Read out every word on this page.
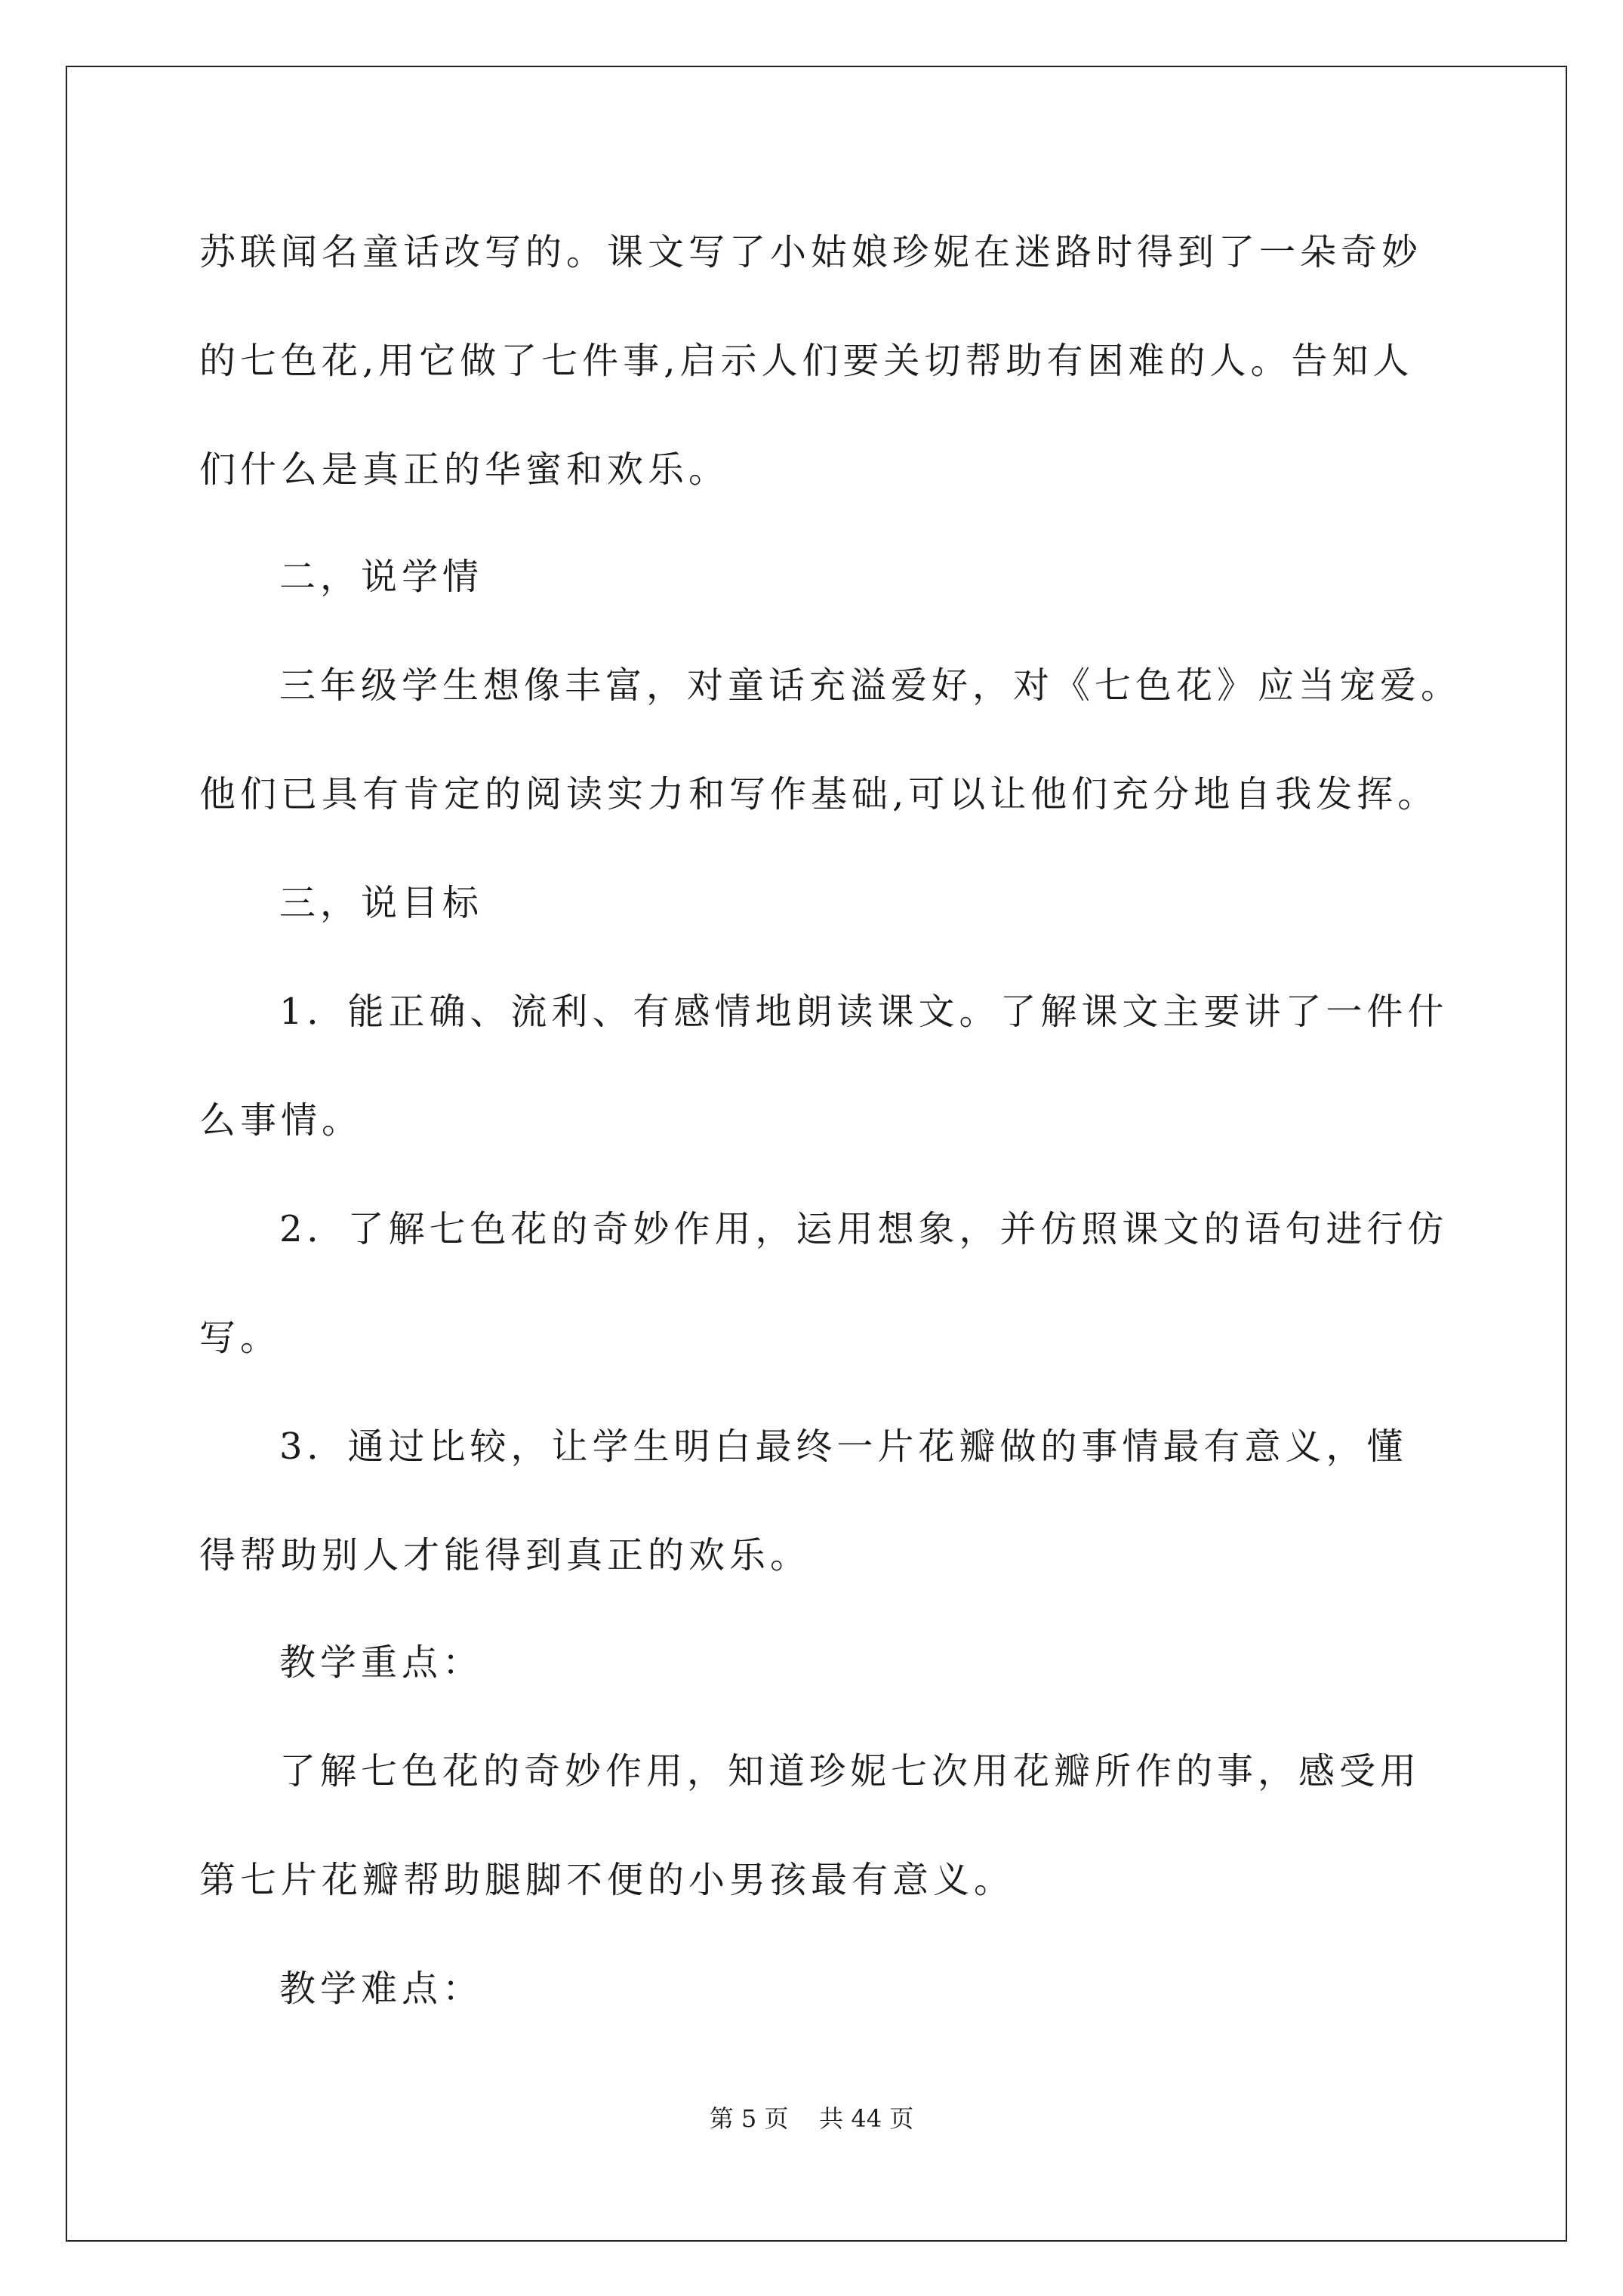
苏联闻名童话改写的。课文写了小姑娘珍妮在迷路时得到了一朵奇妙

的七色花,用它做了七件事,启示人们要关切帮助有困难的人。告知人

们什么是真正的华蜜和欢乐。

二，说学情

三年级学生想像丰富，对童话充溢爱好，对《七色花》应当宠爱。

他们已具有肯定的阅读实力和写作基础,可以让他们充分地自我发挥。

三，说目标

1．能正确、流利、有感情地朗读课文。了解课文主要讲了一件什

么事情。

2．了解七色花的奇妙作用，运用想象，并仿照课文的语句进行仿

写。

3．通过比较，让学生明白最终一片花瓣做的事情最有意义，懂

得帮助别人才能得到真正的欢乐。

教学重点：

了解七色花的奇妙作用，知道珍妮七次用花瓣所作的事，感受用

第七片花瓣帮助腿脚不便的小男孩最有意义。

教学难点：

第 5 页 共 44 页
